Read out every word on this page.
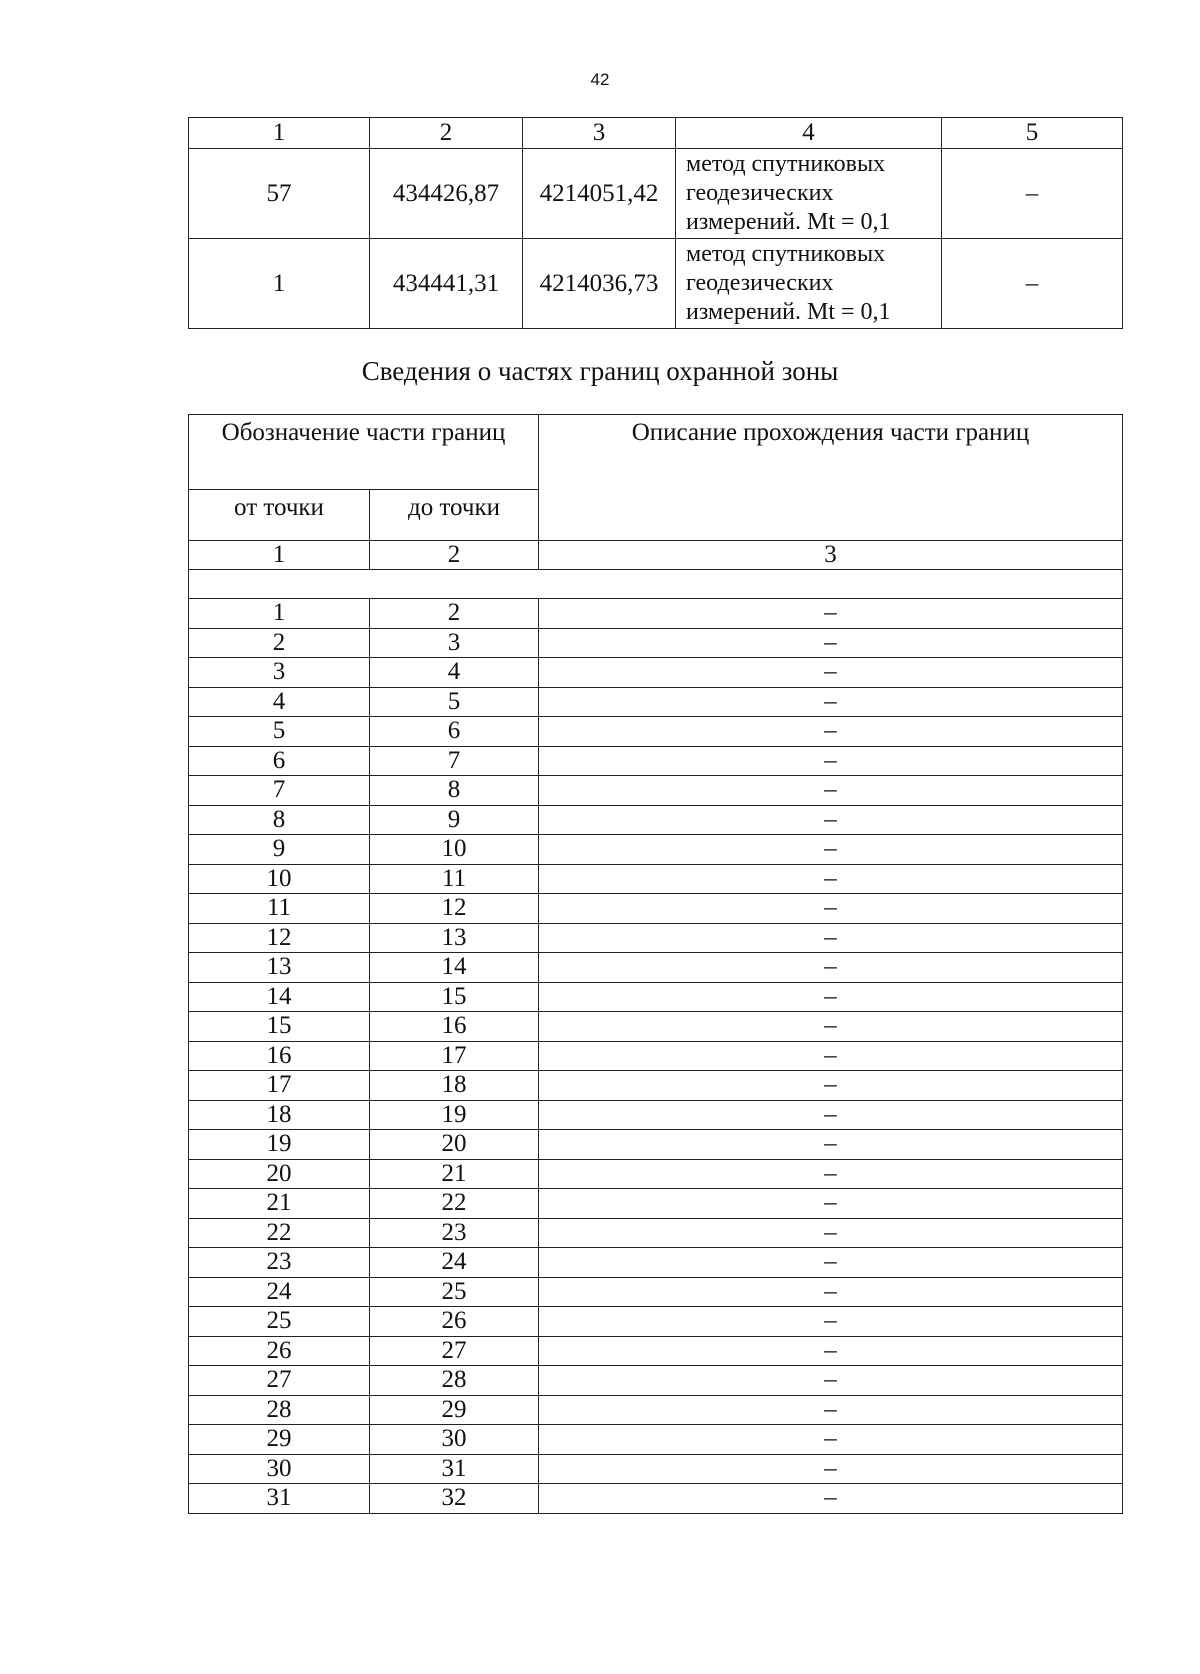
42
1	2	3	4	5
57	434426,87	4214051,42	метод спутниковых
геодезических
измерений. Mt = 0,1	–
1	434441,31	4214036,73	метод спутниковых
геодезических
измерений. Mt = 0,1	–
Сведения о частях границ охранной зоны
Обозначение части границ		Описание прохождения части границ
от точки	до точки	
1	2	3

1	2	–
2	3	–
3	4	–
4	5	–
5	6	–
6	7	–
7	8	–
8	9	–
9	10	–
10	11	–
11	12	–
12	13	–
13	14	–
14	15	–
15	16	–
16	17	–
17	18	–
18	19	–
19	20	–
20	21	–
21	22	–
22	23	–
23	24	–
24	25	–
25	26	–
26	27	–
27	28	–
28	29	–
29	30	–
30	31	–
31	32	–
